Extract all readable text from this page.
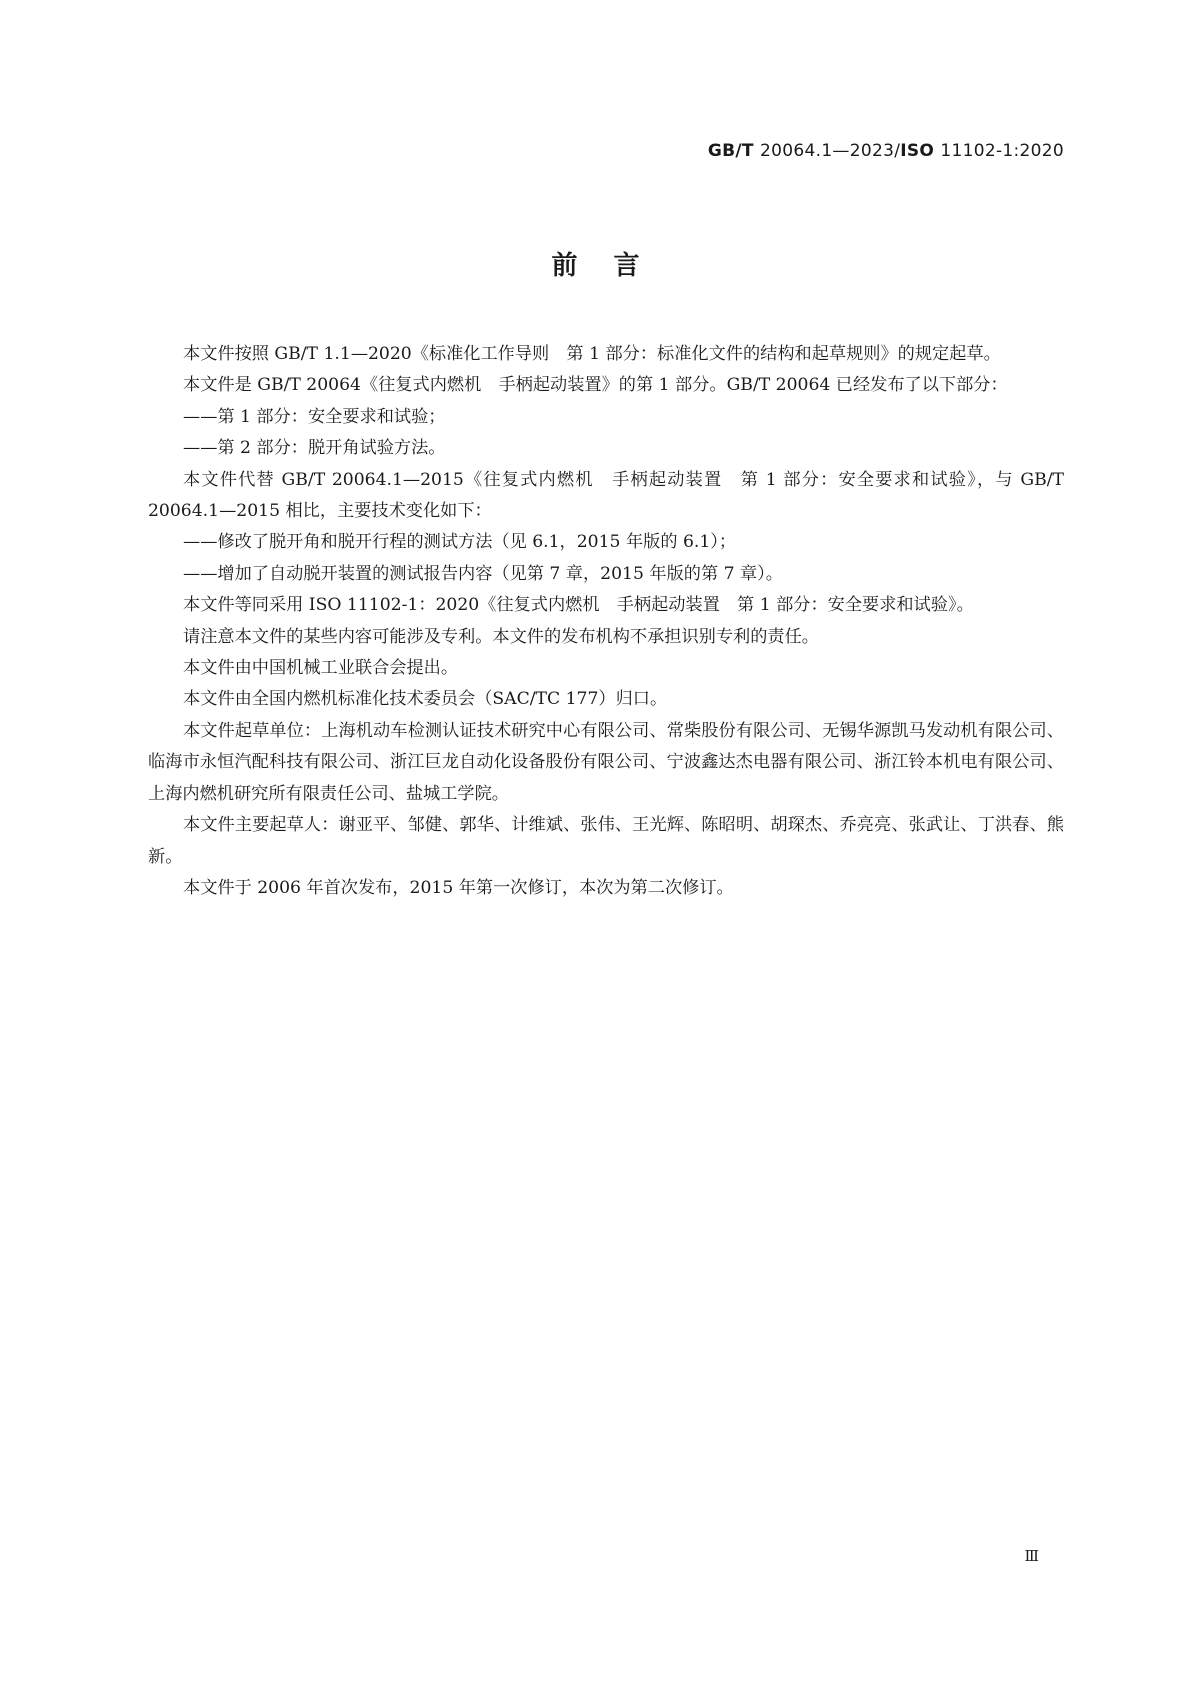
GB/T 20064.1—2023/ISO 11102-1:2020
前言

本文件按照 GB/T 1.1—2020《标准化工作导则　第 1 部分：标准化文件的结构和起草规则》的规定起草。

本文件是 GB/T 20064《往复式内燃机　手柄起动装置》的第 1 部分。GB/T 20064 已经发布了以下部分：

——第 1 部分：安全要求和试验；

——第 2 部分：脱开角试验方法。

本文件代替 GB/T 20064.1—2015《往复式内燃机　手柄起动装置　第 1 部分：安全要求和试验》，与 GB/T 20064.1—2015 相比，主要技术变化如下：

——修改了脱开角和脱开行程的测试方法（见 6.1，2015 年版的 6.1）；

——增加了自动脱开装置的测试报告内容（见第 7 章，2015 年版的第 7 章）。

本文件等同采用 ISO 11102-1：2020《往复式内燃机　手柄起动装置　第 1 部分：安全要求和试验》。

请注意本文件的某些内容可能涉及专利。本文件的发布机构不承担识别专利的责任。

本文件由中国机械工业联合会提出。

本文件由全国内燃机标准化技术委员会（SAC/TC 177）归口。

本文件起草单位：上海机动车检测认证技术研究中心有限公司、常柴股份有限公司、无锡华源凯马发动机有限公司、临海市永恒汽配科技有限公司、浙江巨龙自动化设备股份有限公司、宁波鑫达杰电器有限公司、浙江铃本机电有限公司、上海内燃机研究所有限责任公司、盐城工学院。

本文件主要起草人：谢亚平、邹健、郭华、计维斌、张伟、王光辉、陈昭明、胡琛杰、乔亮亮、张武让、丁洪春、熊新。

本文件于 2006 年首次发布，2015 年第一次修订，本次为第二次修订。

Ⅲ
